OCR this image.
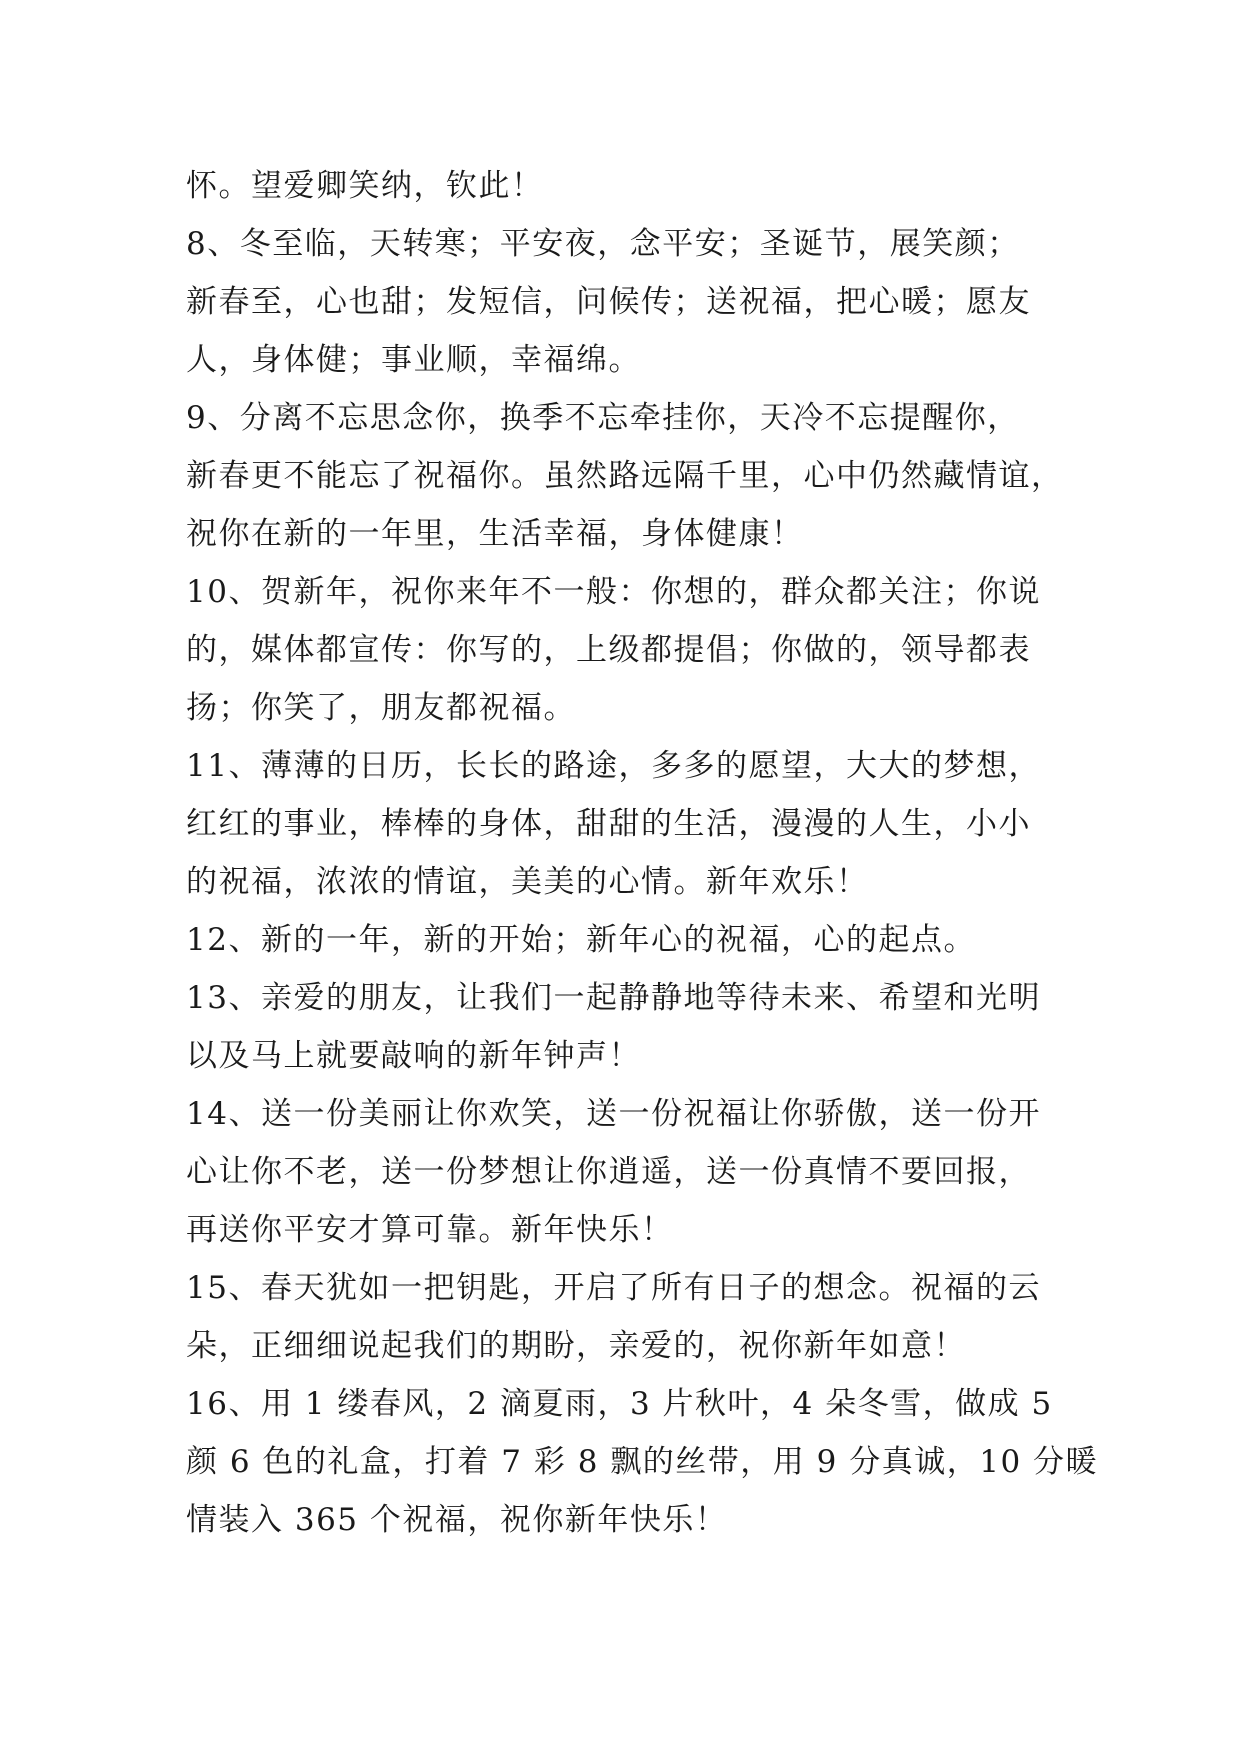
怀。望爱卿笑纳，钦此！
8、冬至临，天转寒；平安夜，念平安；圣诞节，展笑颜；
新春至，心也甜；发短信，问候传；送祝福，把心暖；愿友
人，身体健；事业顺，幸福绵。
9、分离不忘思念你，换季不忘牵挂你，天冷不忘提醒你，
新春更不能忘了祝福你。虽然路远隔千里，心中仍然藏情谊，
祝你在新的一年里，生活幸福，身体健康！
10、贺新年，祝你来年不一般：你想的，群众都关注；你说
的，媒体都宣传：你写的，上级都提倡；你做的，领导都表
扬；你笑了，朋友都祝福。
11、薄薄的日历，长长的路途，多多的愿望，大大的梦想，
红红的事业，棒棒的身体，甜甜的生活，漫漫的人生，小小
的祝福，浓浓的情谊，美美的心情。新年欢乐！
12、新的一年，新的开始；新年心的祝福，心的起点。
13、亲爱的朋友，让我们一起静静地等待未来、希望和光明
以及马上就要敲响的新年钟声！
14、送一份美丽让你欢笑，送一份祝福让你骄傲，送一份开
心让你不老，送一份梦想让你逍遥，送一份真情不要回报，
再送你平安才算可靠。新年快乐！
15、春天犹如一把钥匙，开启了所有日子的想念。祝福的云
朵，正细细说起我们的期盼，亲爱的，祝你新年如意！
16、用 1 缕春风，2 滴夏雨，3 片秋叶，4 朵冬雪，做成 5
颜 6 色的礼盒，打着 7 彩 8 飘的丝带，用 9 分真诚，10 分暖
情装入 365 个祝福，祝你新年快乐！
